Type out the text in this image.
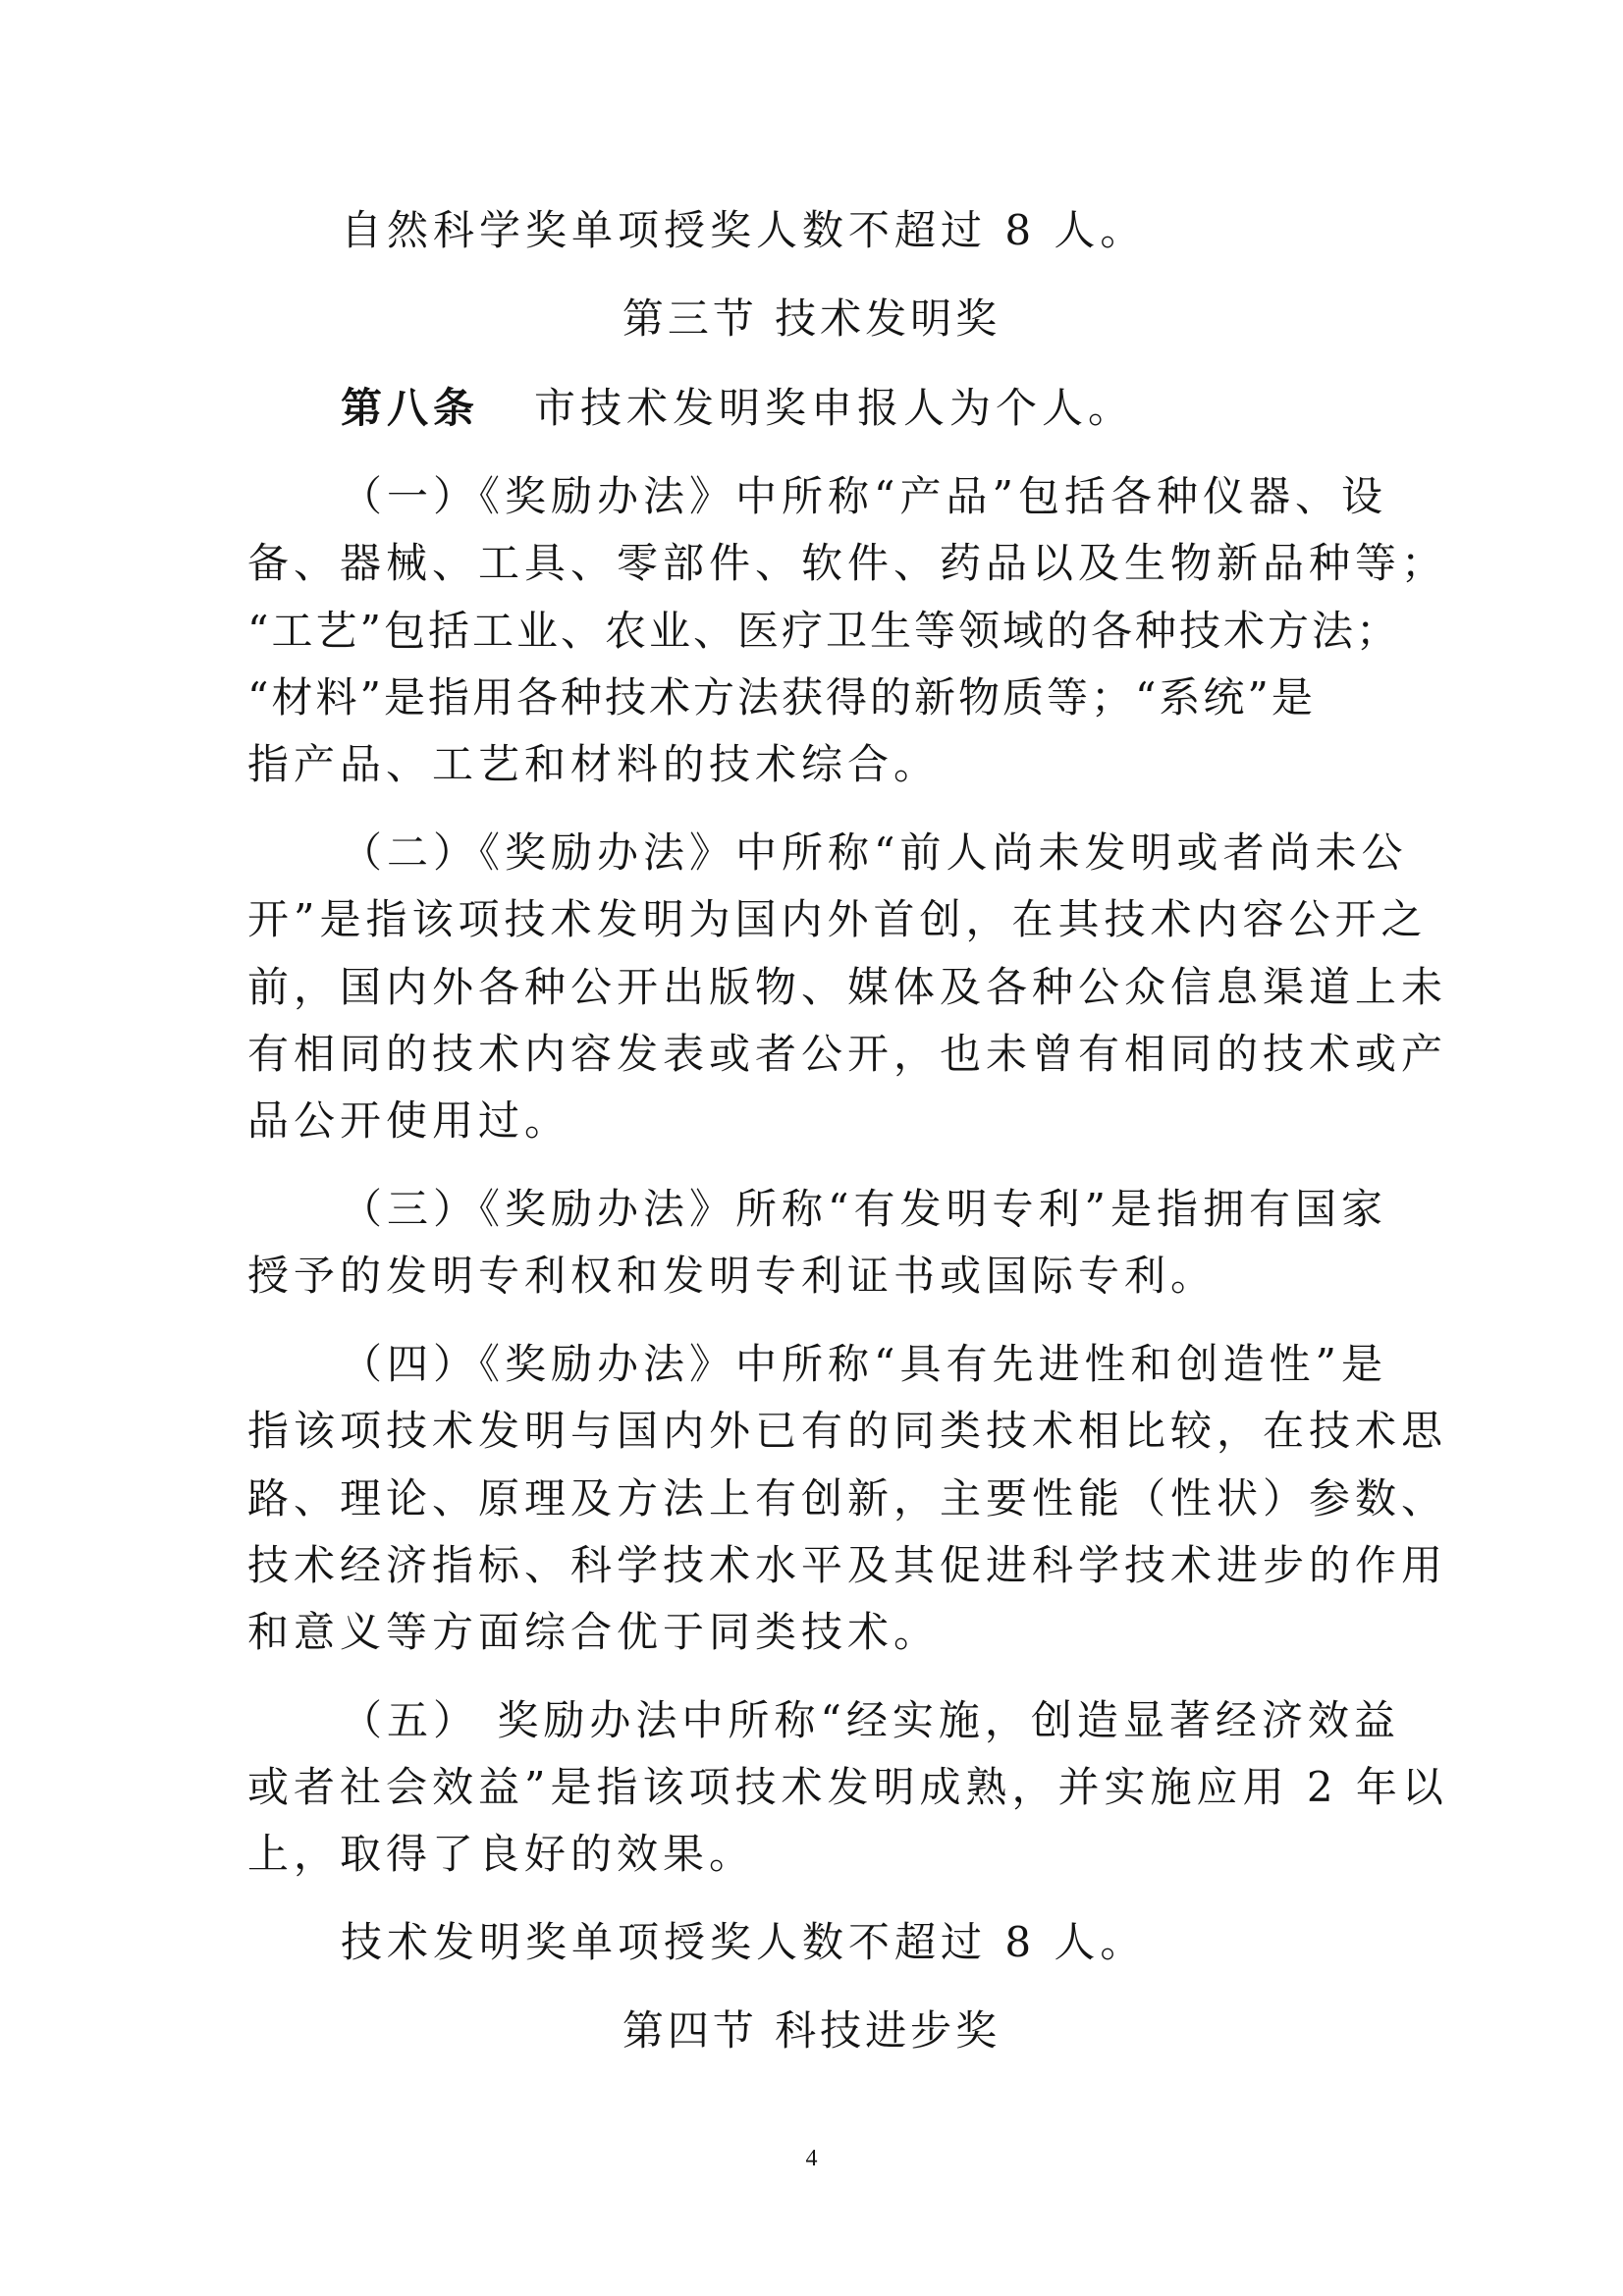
自然科学奖单项授奖人数不超过 8 人。
第三节 技术发明奖
第八条 市技术发明奖申报人为个人。
（一）《奖励办法》中所称“产品”包括各种仪器、设
备、器械、工具、零部件、软件、药品以及生物新品种等；
“工艺”包括工业、农业、医疗卫生等领域的各种技术方法；
“材料”是指用各种技术方法获得的新物质等；“系统”是
指产品、工艺和材料的技术综合。
（二）《奖励办法》中所称“前人尚未发明或者尚未公
开”是指该项技术发明为国内外首创，在其技术内容公开之
前，国内外各种公开出版物、媒体及各种公众信息渠道上未
有相同的技术内容发表或者公开，也未曾有相同的技术或产
品公开使用过。
（三）《奖励办法》所称“有发明专利”是指拥有国家
授予的发明专利权和发明专利证书或国际专利。
（四）《奖励办法》中所称“具有先进性和创造性”是
指该项技术发明与国内外已有的同类技术相比较，在技术思
路、理论、原理及方法上有创新，主要性能（性状）参数、
技术经济指标、科学技术水平及其促进科学技术进步的作用
和意义等方面综合优于同类技术。
（五） 奖励办法中所称“经实施，创造显著经济效益
或者社会效益”是指该项技术发明成熟，并实施应用 2 年以
上，取得了良好的效果。
技术发明奖单项授奖人数不超过 8 人。
第四节 科技进步奖
4
